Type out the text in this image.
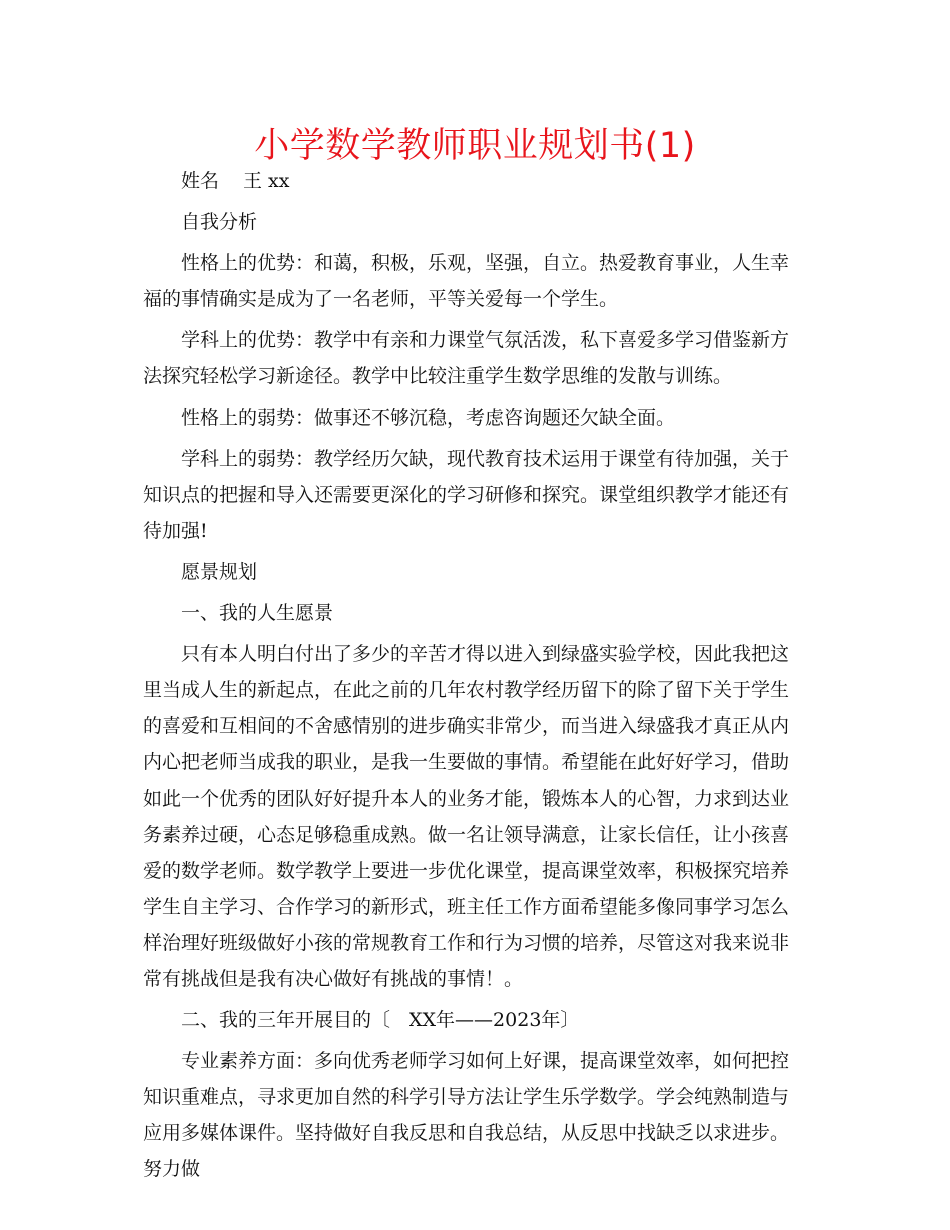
小学数学教师职业规划书(1)

姓名 王 xx

自我分析

性格上的优势：和蔼，积极，乐观，坚强，自立。热爱教育事业，人生幸福的事情确实是成为了一名老师，平等关爱每一个学生。

学科上的优势：教学中有亲和力课堂气氛活泼，私下喜爱多学习借鉴新方法探究轻松学习新途径。教学中比较注重学生数学思维的发散与训练。

性格上的弱势：做事还不够沉稳，考虑咨询题还欠缺全面。

学科上的弱势：教学经历欠缺，现代教育技术运用于课堂有待加强，关于知识点的把握和导入还需要更深化的学习研修和探究。课堂组织教学才能还有待加强!

愿景规划

一、我的人生愿景

只有本人明白付出了多少的辛苦才得以进入到绿盛实验学校，因此我把这里当成人生的新起点，在此之前的几年农村教学经历留下的除了留下关于学生的喜爱和互相间的不舍感情别的进步确实非常少，而当进入绿盛我才真正从内内心把老师当成我的职业，是我一生要做的事情。希望能在此好好学习，借助如此一个优秀的团队好好提升本人的业务才能，锻炼本人的心智，力求到达业务素养过硬，心态足够稳重成熟。做一名让领导满意，让家长信任，让小孩喜爱的数学老师。数学教学上要进一步优化课堂，提高课堂效率，积极探究培养学生自主学习、合作学习的新形式，班主任工作方面希望能多像同事学习怎么样治理好班级做好小孩的常规教育工作和行为习惯的培养，尽管这对我来说非常有挑战但是我有决心做好有挑战的事情！。

二、我的三年开展目的〔　XX年——2023年〕

专业素养方面：多向优秀老师学习如何上好课，提高课堂效率，如何把控知识重难点，寻求更加自然的科学引导方法让学生乐学数学。学会纯熟制造与应用多媒体课件。坚持做好自我反思和自我总结，从反思中找缺乏以求进步。努力做
